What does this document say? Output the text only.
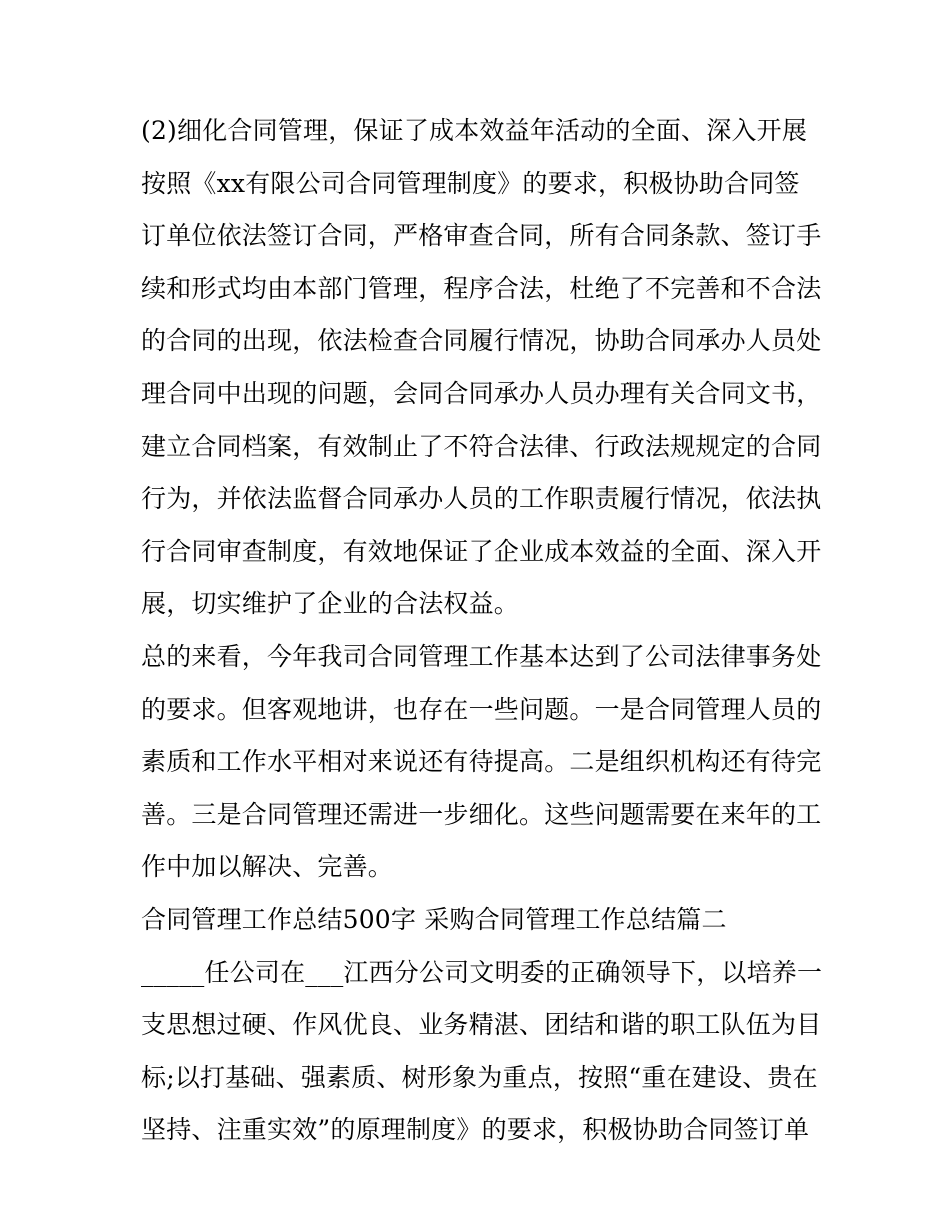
(2)细化合同管理，保证了成本效益年活动的全面、深入开展
按照《xx有限公司合同管理制度》的要求，积极协助合同签
订单位依法签订合同，严格审查合同，所有合同条款、签订手
续和形式均由本部门管理，程序合法，杜绝了不完善和不合法
的合同的出现，依法检查合同履行情况，协助合同承办人员处
理合同中出现的问题，会同合同承办人员办理有关合同文书，
建立合同档案，有效制止了不符合法律、行政法规规定的合同
行为，并依法监督合同承办人员的工作职责履行情况，依法执
行合同审查制度，有效地保证了企业成本效益的全面、深入开
展，切实维护了企业的合法权益。
总的来看，今年我司合同管理工作基本达到了公司法律事务处
的要求。但客观地讲，也存在一些问题。一是合同管理人员的
素质和工作水平相对来说还有待提高。二是组织机构还有待完
善。三是合同管理还需进一步细化。这些问题需要在来年的工
作中加以解决、完善。
合同管理工作总结500字 采购合同管理工作总结篇二
_____任公司在___江西分公司文明委的正确领导下，以培养一
支思想过硬、作风优良、业务精湛、团结和谐的职工队伍为目
标;以打基础、强素质、树形象为重点，按照“重在建设、贵在
坚持、注重实效”的原理制度》的要求，积极协助合同签订单
